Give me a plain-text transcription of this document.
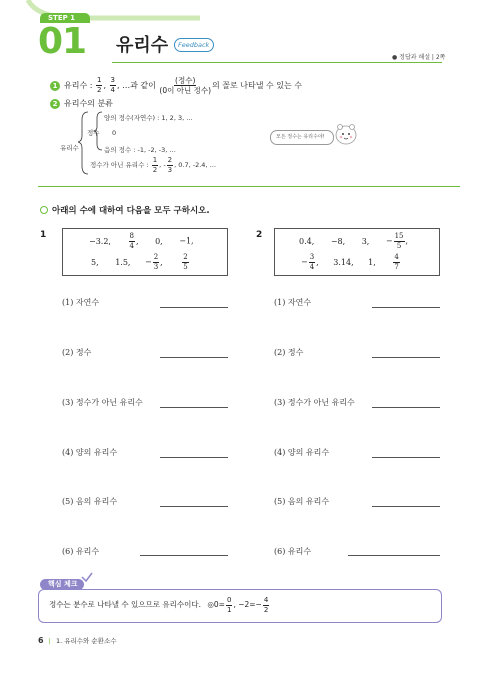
STEP 1
01 유리수 Feedback
● 정답과 해설 | 2쪽
1 유리수 : $\frac{1}{2}$ , $\frac{3}{4}$ , …과 같이 $\frac{\text{(정수)}}{\text{(0이 아닌 정수)}}$ 의 꼴로 나타낼 수 있는 수
2 유리수의 분류
유리수
정수
양의 정수(자연수) : 1, 2, 3, …
0
음의 정수 : -1, -2, -3, …
정수가 아닌 유리수 : $\frac{1}{2}$ , - $\frac{2}{3}$ , 0.7, -2.4, …
모든 정수는 유리수야!
아래의 수에 대하여 다음을 모두 구하시오.
1
−3.2,	$\frac{8}{4}$ , 0, −1,
5, 1.5, − $\frac{2}{3}$ ,	$\frac{2}{5}$
2
0.4, −8, 3, − $\frac{15}{5}$ ,
− $\frac{3}{4}$ , 3.14, 1,	$\frac{4}{7}$
(1) 자연수
(2) 정수
(3) 정수가 아닌 유리수
(4) 양의 유리수
(5) 음의 유리수
(6) 유리수
(1) 자연수
(2) 정수
(3) 정수가 아닌 유리수
(4) 양의 유리수
(5) 음의 유리수
(6) 유리수
핵심 체크
정수는 분수로 나타낼 수 있으므로 유리수이다. ◎0= $\frac{0}{1}$ , $-2=- \frac{4}{2}$
6 | 1. 유리수와 순환소수
